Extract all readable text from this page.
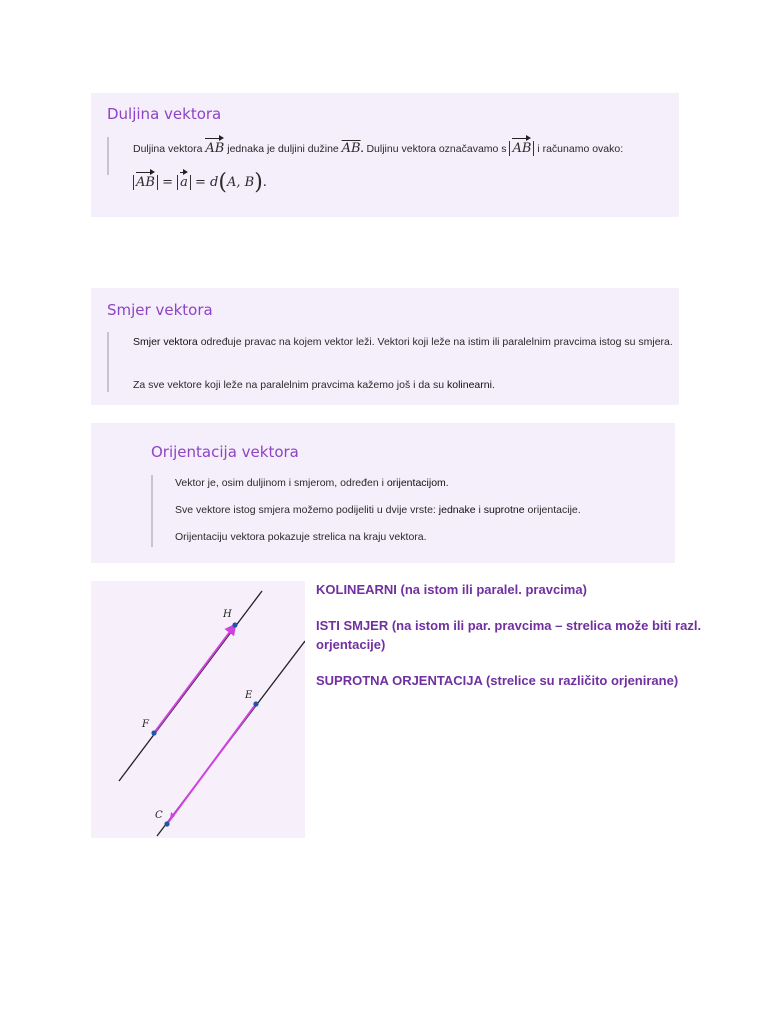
Duljina vektora
Duljina vektora AB jednaka je duljini dužine $\overline{AB}$. Duljinu vektora označavamo s AB i računamo ovako:
AB = a = d(A, B).
Smjer vektora
Smjer vektora određuje pravac na kojem vektor leži. Vektori koji leže na istim ili paralelnim pravcima istog su smjera.
Za sve vektore koji leže na paralelnim pravcima kažemo još i da su kolinearni.
Orijentacija vektora
Vektor je, osim duljinom i smjerom, određen i orijentacijom.
Sve vektore istog smjera možemo podijeliti u dvije vrste: jednake i suprotne orijentacije.
Orijentaciju vektora pokazuje strelica na kraju vektora.
H
F
E
C

KOLINEARNI (na istom ili paralel. pravcima)

ISTI SMJER (na istom ili par. pravcima – strelica može biti razl. orjentacije)

SUPROTNA ORJENTACIJA (strelice su različito orjenirane)
